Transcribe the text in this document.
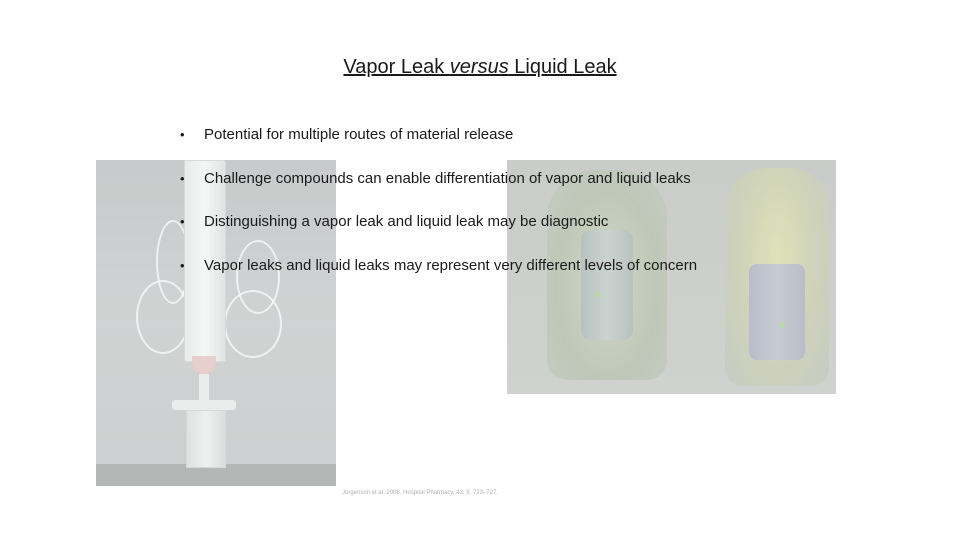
Vapor Leak versus Liquid Leak
• Potential for multiple routes of material release
• Challenge compounds can enable differentiation of vapor and liquid leaks
• Distinguishing a vapor leak and liquid leak may be diagnostic
• Vapor leaks and liquid leaks may represent very different levels of concern
Jorgenson et al. 2008. Hospital Pharmacy, 43, 9, 723–727.
